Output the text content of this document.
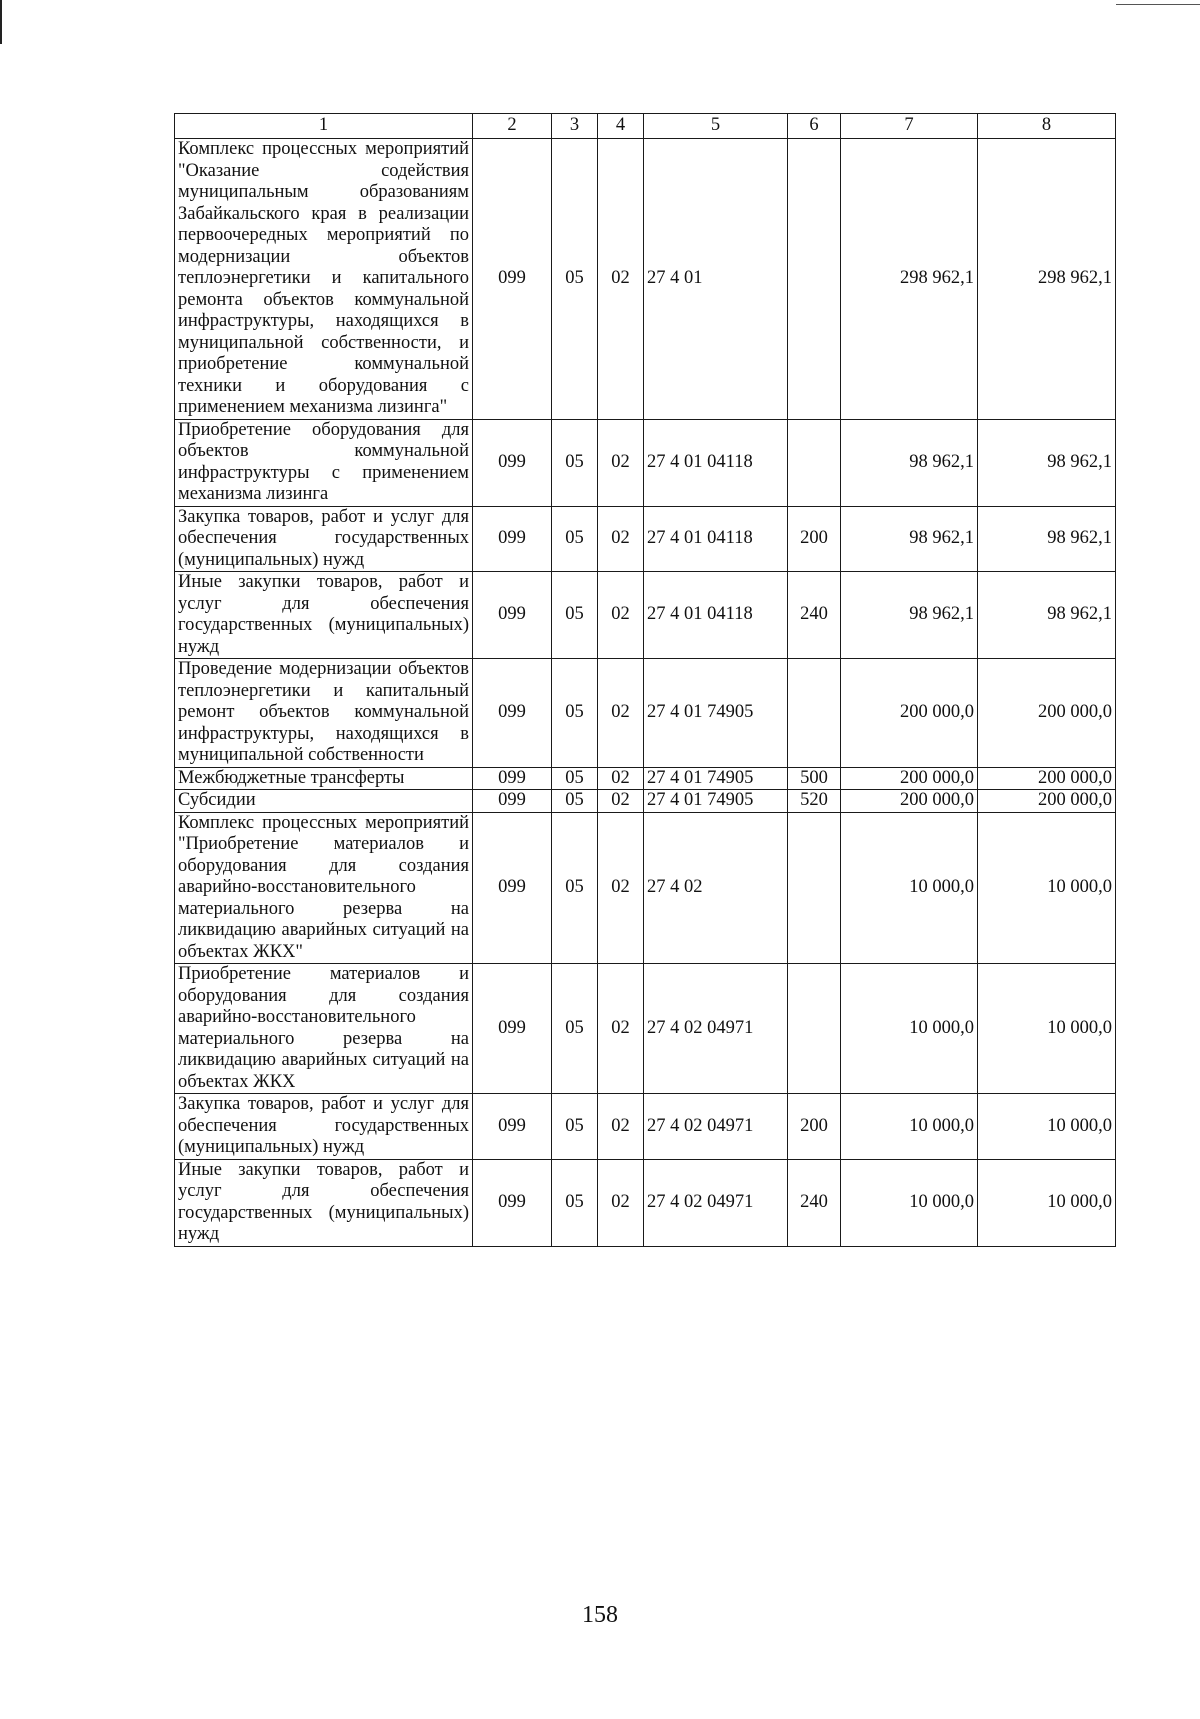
1	2	3	4	5	6	7	8
Комплекс процессных мероприятий "Оказание содействия муниципальным образованиям Забайкальского края в реализации первоочередных мероприятий по модернизации объектов теплоэнергетики и капитального ремонта объектов коммунальной инфраструктуры, находящихся в муниципальной собственности, и приобретение коммунальной техники и оборудования с применением механизма лизинга"	099	05	02	27 4 01		298 962,1	298 962,1
Приобретение оборудования для объектов коммунальной инфраструктуры с применением механизма лизинга	099	05	02	27 4 01 04118		98 962,1	98 962,1
Закупка товаров, работ и услуг для обеспечения государственных (муниципальных) нужд	099	05	02	27 4 01 04118	200	98 962,1	98 962,1
Иные закупки товаров, работ и услуг для обеспечения государственных (муниципальных) нужд	099	05	02	27 4 01 04118	240	98 962,1	98 962,1
Проведение модернизации объектов теплоэнергетики и капитальный ремонт объектов коммунальной инфраструктуры, находящихся в муниципальной собственности	099	05	02	27 4 01 74905		200 000,0	200 000,0
Межбюджетные трансферты	099	05	02	27 4 01 74905	500	200 000,0	200 000,0
Субсидии	099	05	02	27 4 01 74905	520	200 000,0	200 000,0
Комплекс процессных мероприятий "Приобретение материалов и оборудования для создания аварийно-восстановительного материального резерва на ликвидацию аварийных ситуаций на объектах ЖКХ"	099	05	02	27 4 02		10 000,0	10 000,0
Приобретение материалов и оборудования для создания аварийно-восстановительного материального резерва на ликвидацию аварийных ситуаций на объектах ЖКХ	099	05	02	27 4 02 04971		10 000,0	10 000,0
Закупка товаров, работ и услуг для обеспечения государственных (муниципальных) нужд	099	05	02	27 4 02 04971	200	10 000,0	10 000,0
Иные закупки товаров, работ и услуг для обеспечения государственных (муниципальных) нужд	099	05	02	27 4 02 04971	240	10 000,0	10 000,0
158
